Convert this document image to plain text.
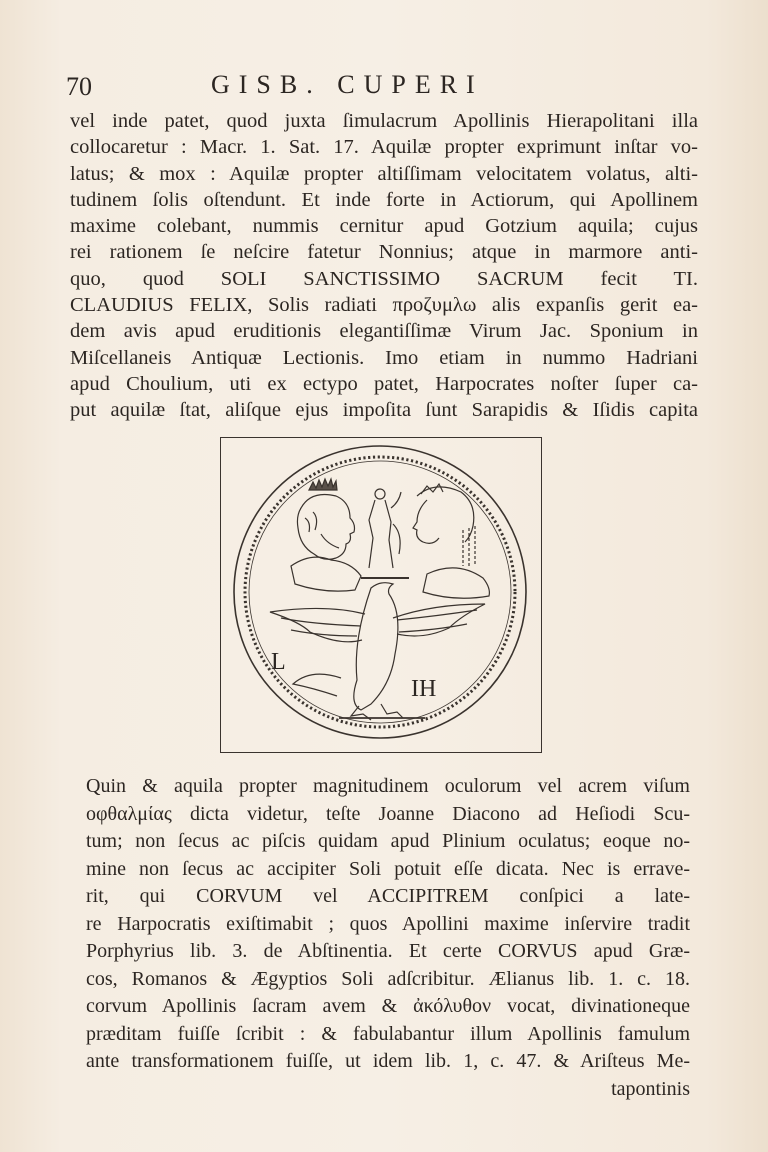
70	GISB. CUPERI
vel inde patet, quod juxta ſimulacrum Apollinis Hierapolitani illa
collocaretur : Macr. 1. Sat. 17. Aquilæ propter exprimunt inſtar vo-
latus; & mox : Aquilæ propter altiſſimam velocitatem volatus, alti-
tudinem ſolis oſtendunt. Et inde forte in Actiorum, qui Apollinem
maxime colebant, nummis cernitur apud Gotzium aquila; cujus
rei rationem ſe neſcire fatetur Nonnius; atque in marmore anti-
quo, quod SOLI SANCTISSIMO SACRUM fecit TI.
CLAUDIUS FELIX, Solis radiati προζυμλω alis expanſis gerit ea-
dem avis apud eruditionis elegantiſſimæ Virum Jac. Sponium in
Miſcellaneis Antiquæ Lectionis. Imo etiam in nummo Hadriani
apud Choulium, uti ex ectypo patet, Harpocrates noſter ſuper ca-
put aquilæ ſtat, aliſque ejus impoſita ſunt Sarapidis & Iſidis capita
L
IH
Quin & aquila propter magnitudinem oculorum vel acrem viſum
οφθαλμίας dicta videtur, teſte Joanne Diacono ad Heſiodi Scu-
tum; non ſecus ac piſcis quidam apud Plinium oculatus; eoque no-
mine non ſecus ac accipiter Soli potuit eſſe dicata. Nec is errave-
rit, qui CORVUM vel ACCIPITREM conſpici a late-
re Harpocratis exiſtimabit ; quos Apollini maxime inſervire tradit
Porphyrius lib. 3. de Abſtinentia. Et certe CORVUS apud Græ-
cos, Romanos & Ægyptios Soli adſcribitur. Ælianus lib. 1. c. 18.
corvum Apollinis ſacram avem & ἀκόλυθον vocat, divinationeque
præditam fuiſſe ſcribit : & fabulabantur illum Apollinis famulum
ante transformationem fuiſſe, ut idem lib. 1, c. 47. & Ariſteus Me-
tapontinis
